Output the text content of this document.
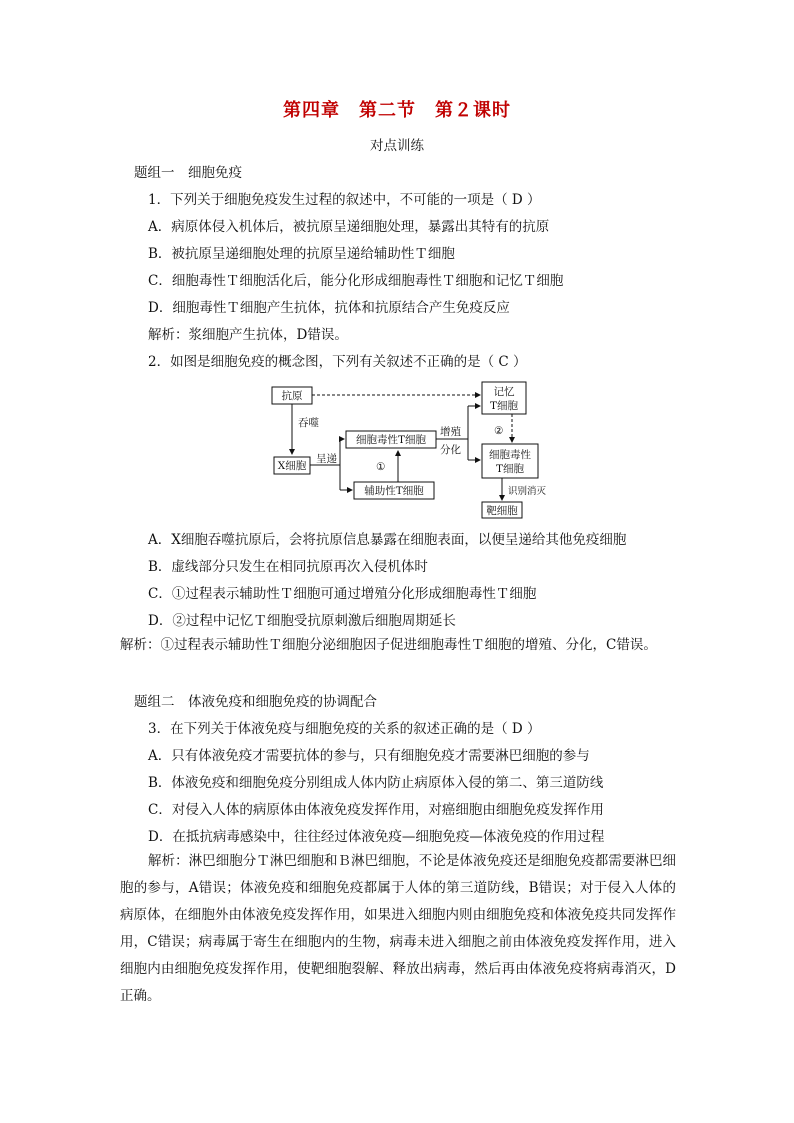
第四章　第二节　第２课时
对点训练
题组一　细胞免疫
1．下列关于细胞免疫发生过程的叙述中，不可能的一项是（ D ）
A．病原体侵入机体后，被抗原呈递细胞处理，暴露出其特有的抗原
B．被抗原呈递细胞处理的抗原呈递给辅助性Ｔ细胞
C．细胞毒性Ｔ细胞活化后，能分化形成细胞毒性Ｔ细胞和记忆Ｔ细胞
D．细胞毒性Ｔ细胞产生抗体，抗体和抗原结合产生免疫反应
解析：浆细胞产生抗体，D错误。
2．如图是细胞免疫的概念图，下列有关叙述不正确的是（ C ）
抗原
吞噬
X细胞
呈递
细胞毒性T细胞
辅助性T细胞
①
增殖
分化
记忆
T细胞
②
细胞毒性
T细胞
识别消灭
靶细胞
A．X细胞吞噬抗原后，会将抗原信息暴露在细胞表面，以便呈递给其他免疫细胞
B．虚线部分只发生在相同抗原再次入侵机体时
C．①过程表示辅助性Ｔ细胞可通过增殖分化形成细胞毒性Ｔ细胞
D．②过程中记忆Ｔ细胞受抗原刺激后细胞周期延长
解析：①过程表示辅助性Ｔ细胞分泌细胞因子促进细胞毒性Ｔ细胞的增殖、分化，C错误。
题组二　体液免疫和细胞免疫的协调配合
3．在下列关于体液免疫与细胞免疫的关系的叙述正确的是（ D ）
A．只有体液免疫才需要抗体的参与，只有细胞免疫才需要淋巴细胞的参与
B．体液免疫和细胞免疫分别组成人体内防止病原体入侵的第二、第三道防线
C．对侵入人体的病原体由体液免疫发挥作用，对癌细胞由细胞免疫发挥作用
D．在抵抗病毒感染中，往往经过体液免疫—细胞免疫—体液免疫的作用过程
解析：淋巴细胞分Ｔ淋巴细胞和Ｂ淋巴细胞，不论是体液免疫还是细胞免疫都需要淋巴细胞的参与，A错误；体液免疫和细胞免疫都属于人体的第三道防线，B错误；对于侵入人体的病原体，在细胞外由体液免疫发挥作用，如果进入细胞内则由细胞免疫和体液免疫共同发挥作用，C错误；病毒属于寄生在细胞内的生物，病毒未进入细胞之前由体液免疫发挥作用，进入细胞内由细胞免疫发挥作用，使靶细胞裂解、释放出病毒，然后再由体液免疫将病毒消灭，D正确。
